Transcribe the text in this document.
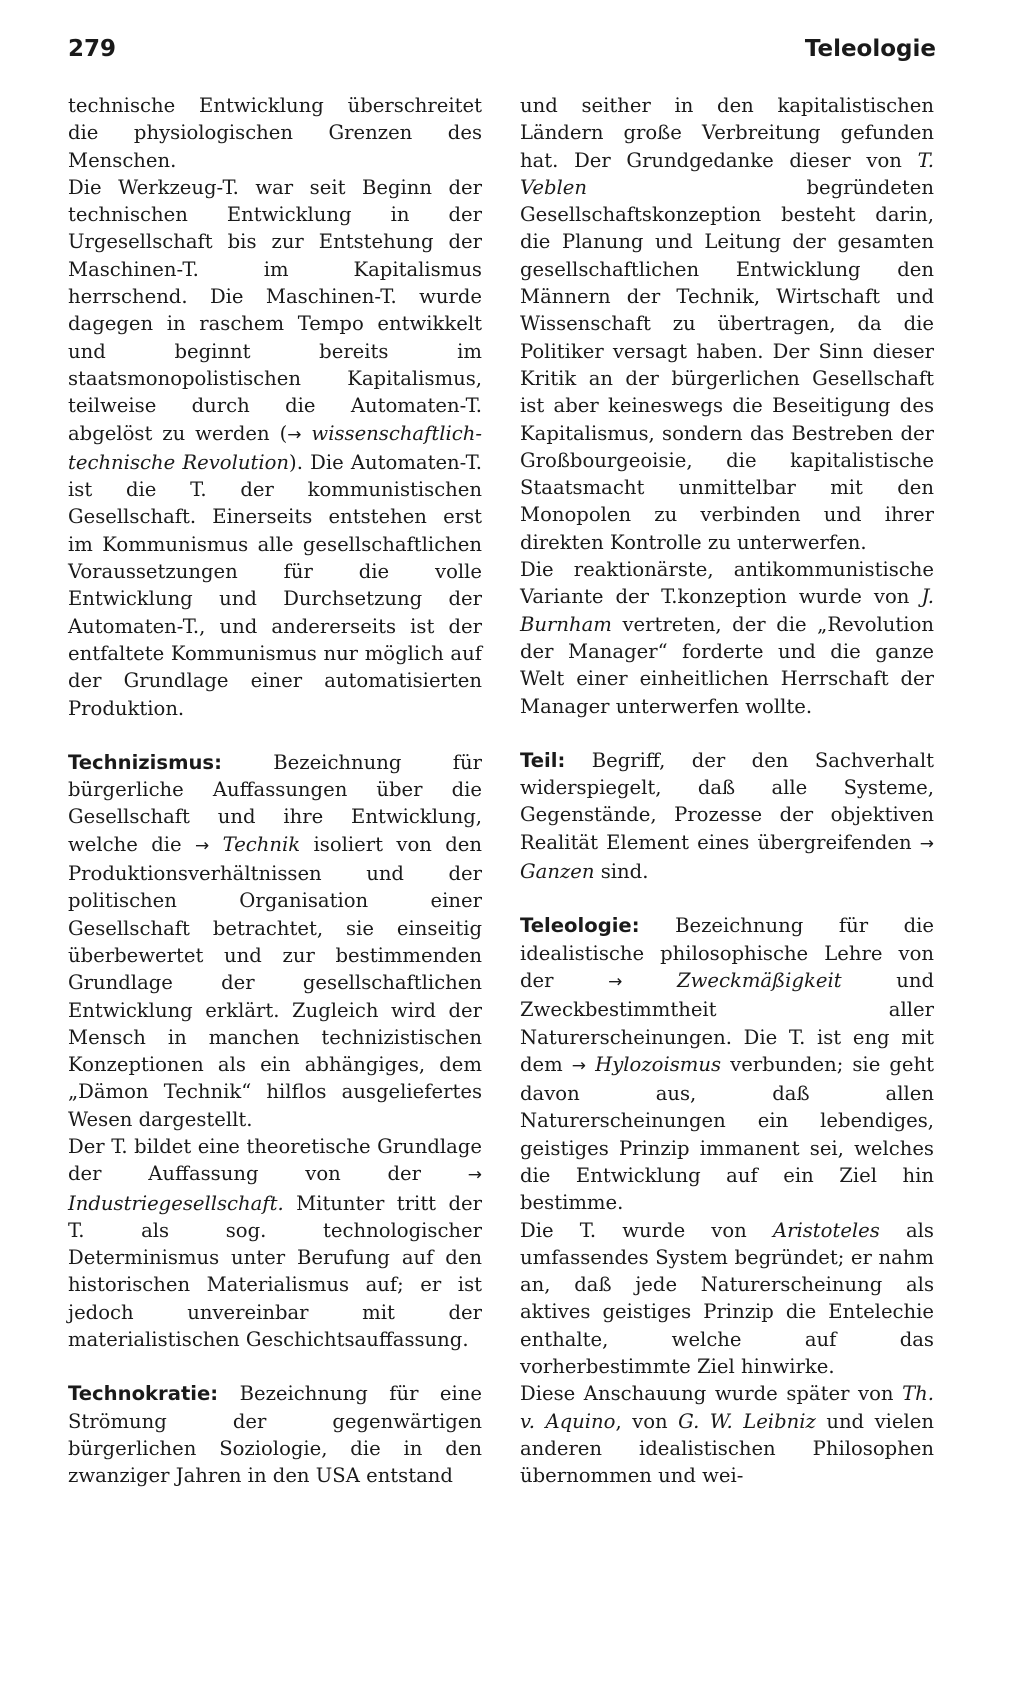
279	Teleologie

technische Entwicklung überschreitet die physiologischen Grenzen des Menschen.

Die Werkzeug-T. war seit Beginn der technischen Entwicklung in der Urgesellschaft bis zur Entstehung der Maschinen-T. im Kapitalismus herrschend. Die Maschinen-T. wurde dagegen in raschem Tempo entwikkelt und beginnt bereits im staatsmonopolistischen Kapitalismus, teilweise durch die Automaten-T. abgelöst zu werden (→ wissenschaftlich-technische Revolution). Die Automaten-T. ist die T. der kommunistischen Gesellschaft. Einerseits entstehen erst im Kommunismus alle gesellschaftlichen Voraussetzungen für die volle Entwicklung und Durchsetzung der Automaten-T., und andererseits ist der entfaltete Kommunismus nur möglich auf der Grundlage einer automatisierten Produktion.

Technizismus: Bezeichnung für bürgerliche Auffassungen über die Gesellschaft und ihre Entwicklung, welche die → Technik isoliert von den Produktionsverhältnissen und der politischen Organisation einer Gesellschaft betrachtet, sie einseitig überbewertet und zur bestimmenden Grundlage der gesellschaftlichen Entwicklung erklärt. Zugleich wird der Mensch in manchen technizistischen Konzeptionen als ein abhängiges, dem „Dämon Technik“ hilflos ausgeliefertes Wesen dargestellt.

Der T. bildet eine theoretische Grundlage der Auffassung von der → Industriegesellschaft. Mitunter tritt der T. als sog. technologischer Determinismus unter Berufung auf den historischen Materialismus auf; er ist jedoch unvereinbar mit der materialistischen Geschichtsauffassung.

Technokratie: Bezeichnung für eine Strömung der gegenwärtigen bürgerlichen Soziologie, die in den zwanziger Jahren in den USA entstand

und seither in den kapitalistischen Ländern große Verbreitung gefunden hat. Der Grundgedanke dieser von T. Veblen begründeten Gesellschaftskonzeption besteht darin, die Planung und Leitung der gesamten gesellschaftlichen Entwicklung den Männern der Technik, Wirtschaft und Wissenschaft zu übertragen, da die Politiker versagt haben. Der Sinn dieser Kritik an der bürgerlichen Gesellschaft ist aber keineswegs die Beseitigung des Kapitalismus, sondern das Bestreben der Großbourgeoisie, die kapitalistische Staatsmacht unmittelbar mit den Monopolen zu verbinden und ihrer direkten Kontrolle zu unterwerfen.

Die reaktionärste, antikommunistische Variante der T.konzeption wurde von J. Burnham vertreten, der die „Revolution der Manager“ forderte und die ganze Welt einer einheitlichen Herrschaft der Manager unterwerfen wollte.

Teil: Begriff, der den Sachverhalt widerspiegelt, daß alle Systeme, Gegenstände, Prozesse der objektiven Realität Element eines übergreifenden → Ganzen sind.

Teleologie: Bezeichnung für die idealistische philosophische Lehre von der →	Zweckmäßigkeit und Zweckbestimmtheit aller Naturerscheinungen. Die T. ist eng mit dem → Hylozoismus verbunden; sie geht davon aus, daß allen Naturerscheinungen ein lebendiges, geistiges Prinzip immanent sei, welches die Entwicklung auf ein Ziel hin bestimme.

Die T. wurde von Aristoteles als umfassendes System begründet; er nahm an, daß jede Naturerscheinung als aktives geistiges Prinzip die Entelechie enthalte, welche auf das vorherbestimmte Ziel hinwirke.

Diese Anschauung wurde später von Th. v. Aquino, von G. W. Leibniz und vielen anderen idealistischen Philosophen übernommen und wei-
